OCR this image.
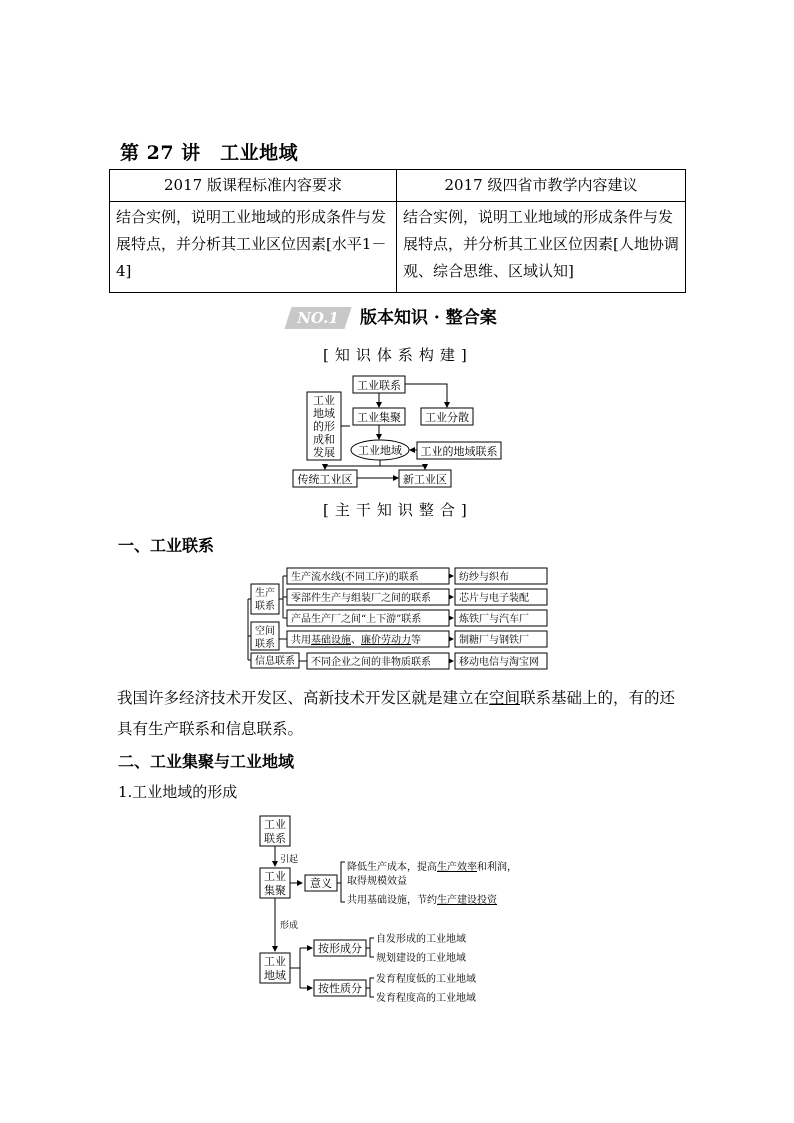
第 27 讲　工业地域
2017 版课程标准内容要求	2017 级四省市教学内容建议
结合实例，说明工业地域的形成条件与发展特点，并分析其工业区位因素[水平1－4]	结合实例，说明工业地域的形成条件与发展特点，并分析其工业区位因素[人地协调观、综合思维、区域认知]
NO.1	版本知识 · 整合案
[知识体系构建]
工业
地域
的形
成和
发展
工业联系
工业集聚 工业分散
工业地域 工业的地域联系
传统工业区	新工业区
[主干知识整合]
一、工业联系
生产
联系
空间
联系
信息联系
生产流水线(不同工序)的联系
零部件生产与组装厂之间的联系
产品生产厂之间“上下游”联系
共用基础设施、廉价劳动力等
不同企业之间的非物质联系
纺纱与织布
芯片与电子装配
炼铁厂与汽车厂
制糖厂与钢铁厂
移动电信与淘宝网
我国许多经济技术开发区、高新技术开发区就是建立在空间联系基础上的，有的还具有生产联系和信息联系。
二、工业集聚与工业地域
1.工业地域的形成
工业
联系
引起
工业
集聚
意义
降低生产成本，提高生产效率和利润，
取得规模效益
共用基础设施，节约生产建设投资
形成
工业
地域
按形成分
按性质分
自发形成的工业地域
规划建设的工业地域
发育程度低的工业地域
发育程度高的工业地域
